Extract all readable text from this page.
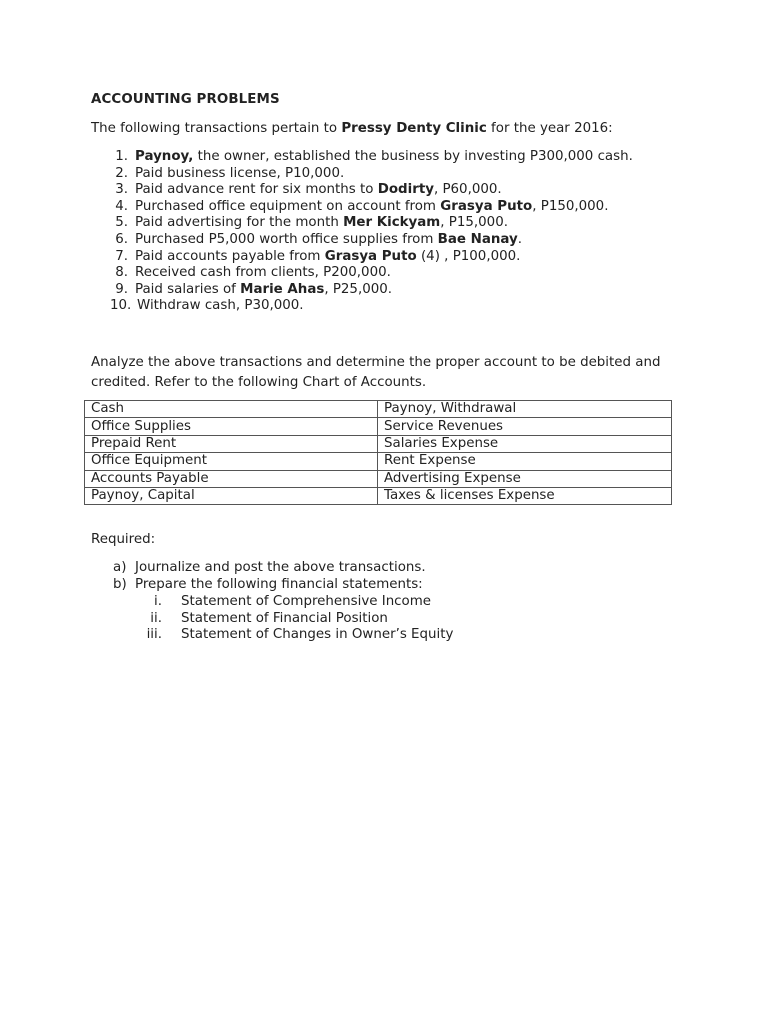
ACCOUNTING PROBLEMS

The following transactions pertain to Pressy Denty Clinic for the year 2016:

1. Paynoy, the owner, established the business by investing P300,000 cash.
2. Paid business license, P10,000.
3. Paid advance rent for six months to Dodirty, P60,000.
4. Purchased office equipment on account from Grasya Puto, P150,000.
5. Paid advertising for the month Mer Kickyam, P15,000.
6. Purchased P5,000 worth office supplies from Bae Nanay.
7. Paid accounts payable from Grasya Puto (4) , P100,000.
8. Received cash from clients, P200,000.
9. Paid salaries of Marie Ahas, P25,000.
10. Withdraw cash, P30,000.

Analyze the above transactions and determine the proper account to be debited and credited. Refer to the following Chart of Accounts.

Cash	Paynoy, Withdrawal
Office Supplies	Service Revenues
Prepaid Rent	Salaries Expense
Office Equipment	Rent Expense
Accounts Payable	Advertising Expense
Paynoy, Capital	Taxes & licenses Expense

Required:

a) Journalize and post the above transactions.
b) Prepare the following financial statements:
i. Statement of Comprehensive Income
ii. Statement of Financial Position
iii. Statement of Changes in Owner’s Equity
